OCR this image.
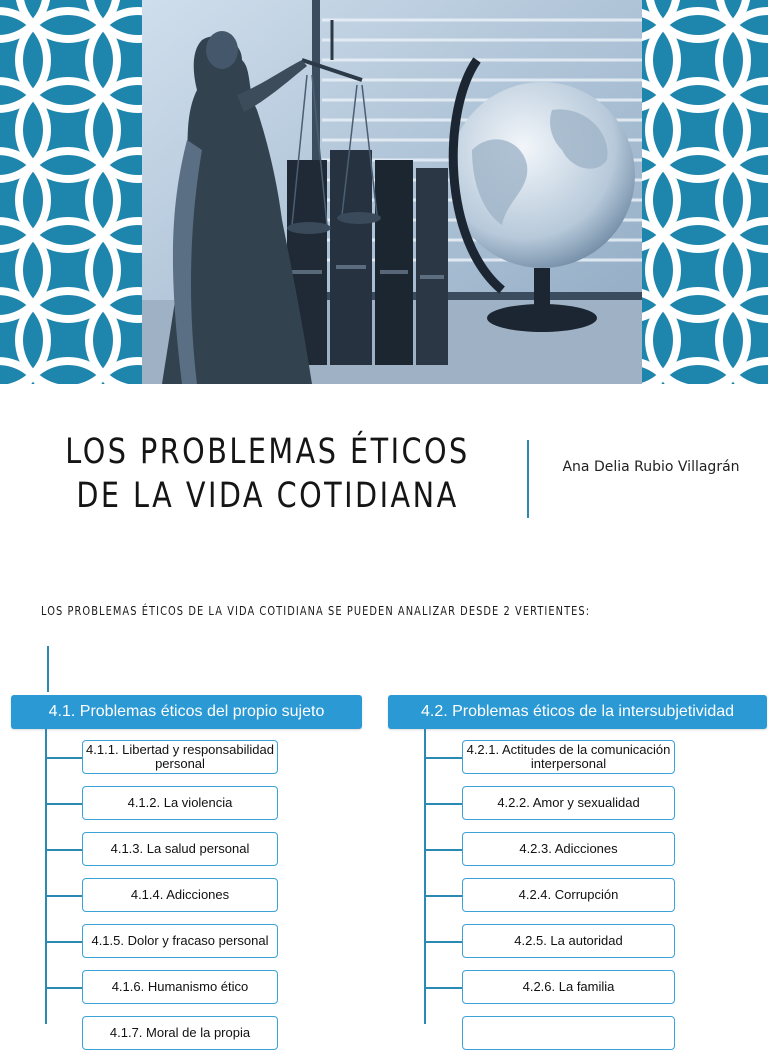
LOS PROBLEMAS ÉTICOS DE LA VIDA COTIDIANA
Ana Delia Rubio Villagrán
LOS PROBLEMAS ÉTICOS DE LA VIDA COTIDIANA SE PUEDEN ANALIZAR DESDE 2 VERTIENTES:
4.1. Problemas éticos del propio sujeto
4.1.1. Libertad y responsabilidad personal
4.1.2. La violencia
4.1.3. La salud personal
4.1.4. Adicciones
4.1.5. Dolor y fracaso personal
4.1.6. Humanismo ético
4.1.7. Moral de la propia
4.2. Problemas éticos de la intersubjetividad
4.2.1. Actitudes de la comunicación interpersonal
4.2.2. Amor y sexualidad
4.2.3. Adicciones
4.2.4. Corrupción
4.2.5. La autoridad
4.2.6. La familia
